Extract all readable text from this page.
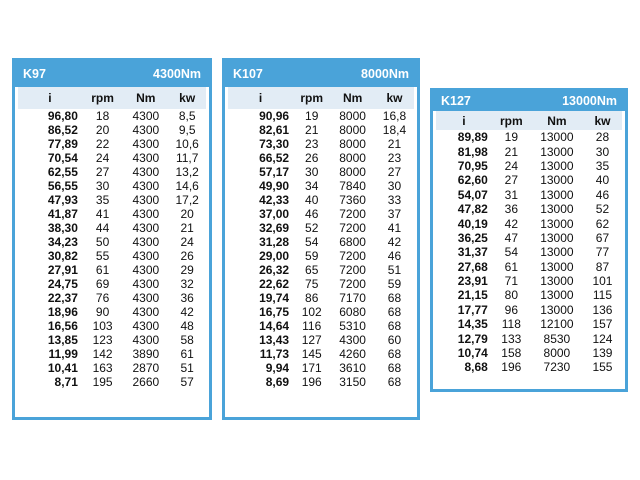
K97	4300Nm
i	rpm	Nm	kw
96,80	18	4300	8,5
86,52	20	4300	9,5
77,89	22	4300	10,6
70,54	24	4300	11,7
62,55	27	4300	13,2
56,55	30	4300	14,6
47,93	35	4300	17,2
41,87	41	4300	20
38,30	44	4300	21
34,23	50	4300	24
30,82	55	4300	26
27,91	61	4300	29
24,75	69	4300	32
22,37	76	4300	36
18,96	90	4300	42
16,56	103	4300	48
13,85	123	4300	58
11,99	142	3890	61
10,41	163	2870	51
8,71	195	2660	57
K107	8000Nm
i	rpm	Nm	kw
90,96	19	8000	16,8
82,61	21	8000	18,4
73,30	23	8000	21
66,52	26	8000	23
57,17	30	8000	27
49,90	34	7840	30
42,33	40	7360	33
37,00	46	7200	37
32,69	52	7200	41
31,28	54	6800	42
29,00	59	7200	46
26,32	65	7200	51
22,62	75	7200	59
19,74	86	7170	68
16,75	102	6080	68
14,64	116	5310	68
13,43	127	4300	60
11,73	145	4260	68
9,94	171	3610	68
8,69	196	3150	68
K127	13000Nm
i	rpm	Nm	kw
89,89	19	13000	28
81,98	21	13000	30
70,95	24	13000	35
62,60	27	13000	40
54,07	31	13000	46
47,82	36	13000	52
40,19	42	13000	62
36,25	47	13000	67
31,37	54	13000	77
27,68	61	13000	87
23,91	71	13000	101
21,15	80	13000	115
17,77	96	13000	136
14,35	118	12100	157
12,79	133	8530	124
10,74	158	8000	139
8,68	196	7230	155
